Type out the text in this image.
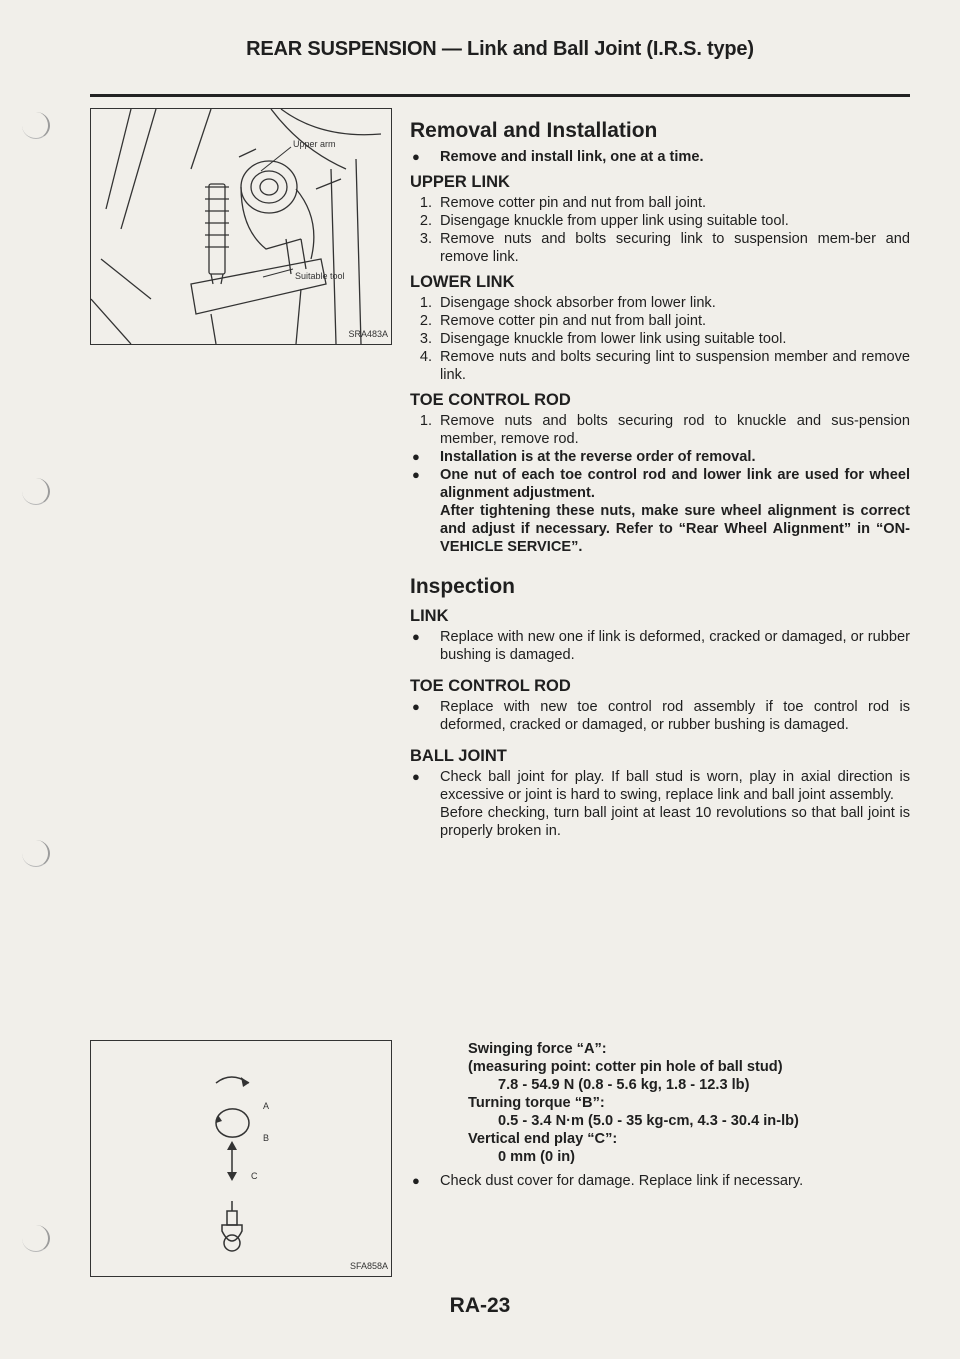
REAR SUSPENSION — Link and Ball Joint (I.R.S. type)
Upper arm
Suitable tool
SRA483A
A
B
C
SFA858A
Removal and Installation

● Remove and install link, one at a time.

UPPER LINK

1. Remove cotter pin and nut from ball joint.

2. Disengage knuckle from upper link using suitable tool.

3. Remove nuts and bolts securing link to suspension mem-ber and remove link.

LOWER LINK

1. Disengage shock absorber from lower link.

2. Remove cotter pin and nut from ball joint.

3. Disengage knuckle from lower link using suitable tool.

4. Remove nuts and bolts securing lint to suspension member and remove link.

TOE CONTROL ROD

1. Remove nuts and bolts securing rod to knuckle and sus-pension member, remove rod.

● Installation is at the reverse order of removal.

● One nut of each toe control rod and lower link are used for wheel alignment adjustment.

After tightening these nuts, make sure wheel alignment is correct and adjust if necessary. Refer to “Rear Wheel Alignment” in “ON-VEHICLE SERVICE”.

Inspection
LINK

● Replace with new one if link is deformed, cracked or damaged, or rubber bushing is damaged.

TOE CONTROL ROD

● Replace with new toe control rod assembly if toe control rod is deformed, cracked or damaged, or rubber bushing is damaged.

BALL JOINT

● Check ball joint for play. If ball stud is worn, play in axial direction is excessive or joint is hard to swing, replace link and ball joint assembly.

Before checking, turn ball joint at least 10 revolutions so that ball joint is properly broken in.

Swinging force “A”:

(measuring point: cotter pin hole of ball stud)

7.8 - 54.9 N (0.8 - 5.6 kg, 1.8 - 12.3 lb)

Turning torque “B”:

0.5 - 3.4 N·m (5.0 - 35 kg-cm, 4.3 - 30.4 in-lb)

Vertical end play “C”:

0 mm (0 in)

● Check dust cover for damage. Replace link if necessary.

RA-23
